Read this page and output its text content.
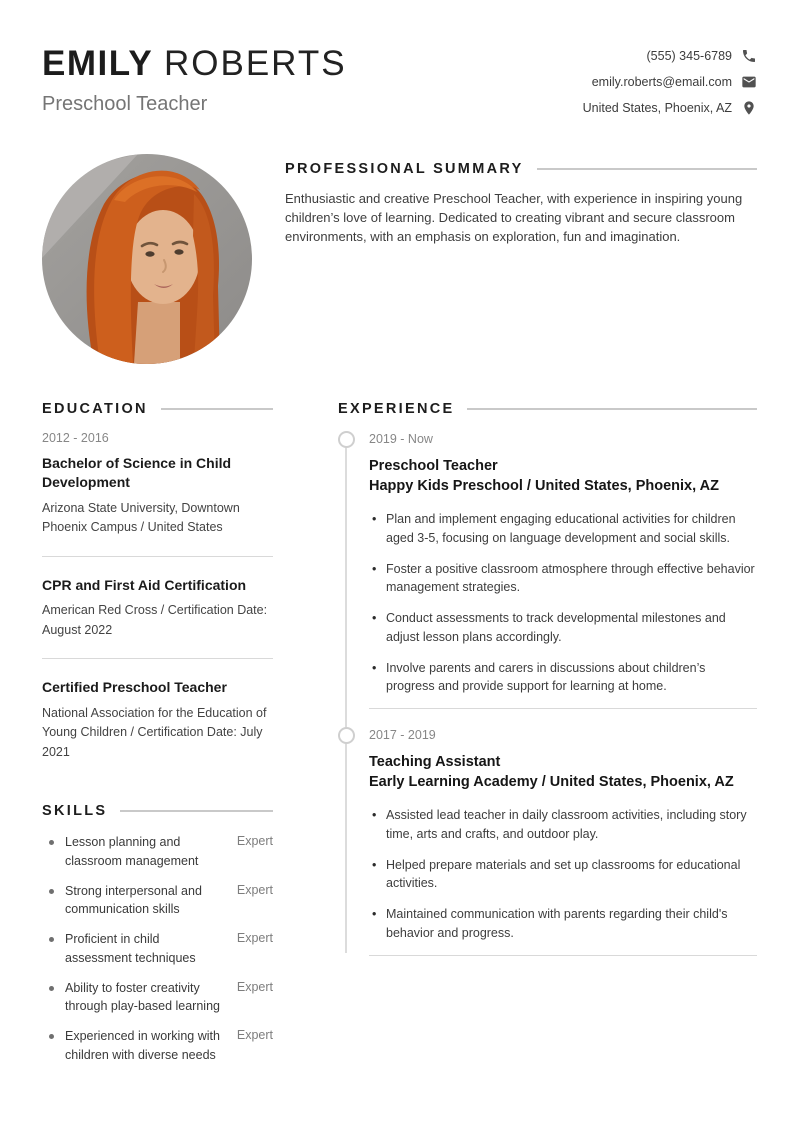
EMILY ROBERTS
Preschool Teacher
(555) 345-6789
emily.roberts@email.com
United States, Phoenix, AZ
PROFESSIONAL SUMMARY

Enthusiastic and creative Preschool Teacher, with experience in inspiring young children’s love of learning. Dedicated to creating vibrant and secure classroom environments, with an emphasis on exploration, fun and imagination.

EDUCATION
2012 - 2016
Bachelor of Science in Child Development
Arizona State University, Downtown Phoenix Campus / United States
CPR and First Aid Certification
American Red Cross / Certification Date: August 2022
Certified Preschool Teacher
National Association for the Education of Young Children / Certification Date: July 2021
SKILLS
Lesson planning and classroom management
Expert
Strong interpersonal and communication skills
Expert
Proficient in child assessment techniques
Expert
Ability to foster creativity through play-based learning
Expert
Experienced in working with children with diverse needs
Expert
EXPERIENCE
2019 - Now
Preschool Teacher
Happy Kids Preschool / United States, Phoenix, AZ
• Plan and implement engaging educational activities for children aged 3-5, focusing on language development and social skills.
• Foster a positive classroom atmosphere through effective behavior management strategies.
• Conduct assessments to track developmental milestones and adjust lesson plans accordingly.
• Involve parents and carers in discussions about children’s progress and provide support for learning at home.
2017 - 2019
Teaching Assistant
Early Learning Academy / United States, Phoenix, AZ
• Assisted lead teacher in daily classroom activities, including story time, arts and crafts, and outdoor play.
• Helped prepare materials and set up classrooms for educational activities.
• Maintained communication with parents regarding their child's behavior and progress.
